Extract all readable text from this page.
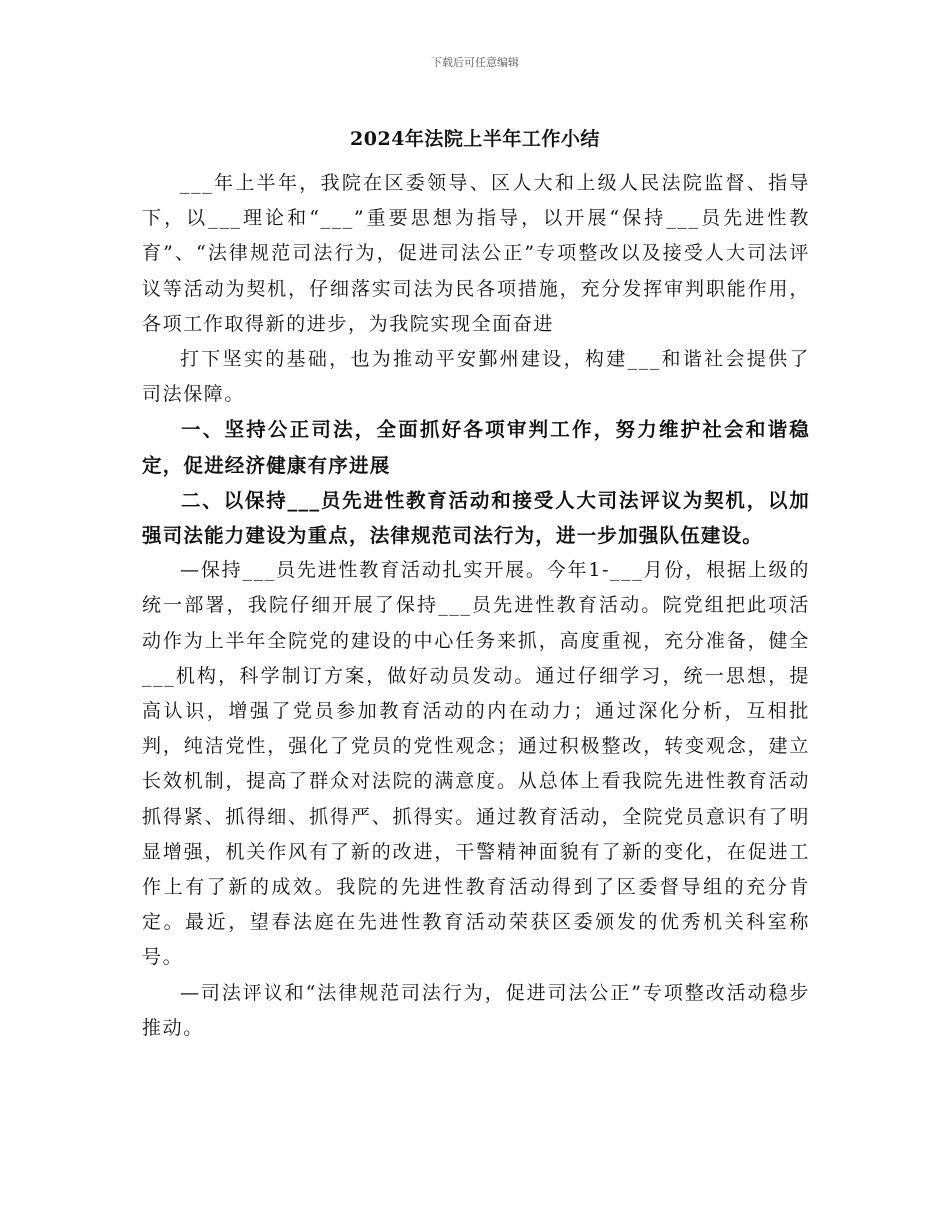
下载后可任意编辑
2024年法院上半年工作小结

___年上半年，我院在区委领导、区人大和上级人民法院监督、指导下，以___理论和“___”重要思想为指导，以开展“保持___员先进性教育”、“法律规范司法行为，促进司法公正”专项整改以及接受人大司法评议等活动为契机，仔细落实司法为民各项措施，充分发挥审判职能作用，各项工作取得新的进步，为我院实现全面奋进

打下坚实的基础，也为推动平安鄞州建设，构建___和谐社会提供了司法保障。

一、坚持公正司法，全面抓好各项审判工作，努力维护社会和谐稳定，促进经济健康有序进展

二、以保持___员先进性教育活动和接受人大司法评议为契机，以加强司法能力建设为重点，法律规范司法行为，进一步加强队伍建设。

—保持___员先进性教育活动扎实开展。今年1-___月份，根据上级的统一部署，我院仔细开展了保持___员先进性教育活动。院党组把此项活动作为上半年全院党的建设的中心任务来抓，高度重视，充分准备，健全___机构，科学制订方案，做好动员发动。通过仔细学习，统一思想，提高认识，增强了党员参加教育活动的内在动力；通过深化分析，互相批判，纯洁党性，强化了党员的党性观念；通过积极整改，转变观念，建立长效机制，提高了群众对法院的满意度。从总体上看我院先进性教育活动抓得紧、抓得细、抓得严、抓得实。通过教育活动，全院党员意识有了明显增强，机关作风有了新的改进，干警精神面貌有了新的变化，在促进工作上有了新的成效。我院的先进性教育活动得到了区委督导组的充分肯定。最近，望春法庭在先进性教育活动荣获区委颁发的优秀机关科室称号。

—司法评议和“法律规范司法行为，促进司法公正”专项整改活动稳步推动。
